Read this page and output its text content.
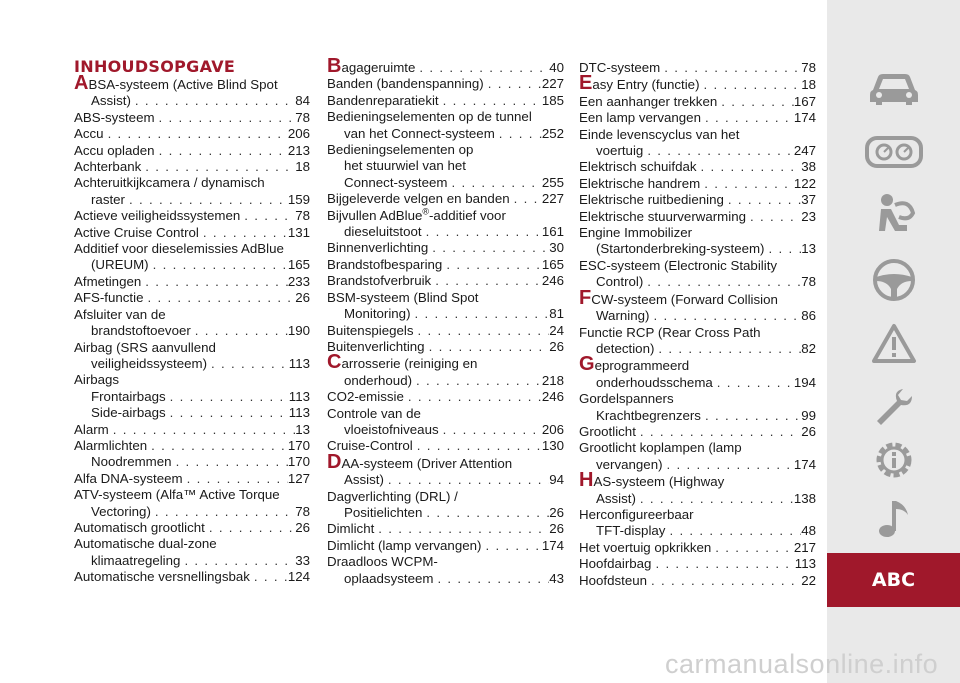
INHOUDSOPGAVE
ABSA-systeem (Active Blind Spot
Assist) . . .	84
ABS-systeem . . .	78
Accu . . .	206
Accu opladen . . .	213
Achterbank . . .	18
Achteruitkijkcamera / dynamisch
raster . . .	159
Actieve veiligheidssystemen . . .	78
Active Cruise Control . . .	131
Additief voor dieselemissies AdBlue
(UREUM) . . .	165
Afmetingen . . .	233
AFS-functie . . .	26
Afsluiter van de
brandstoftoevoer . . .	190
Airbag (SRS aanvullend
veiligheidssysteem) . . .	113
Airbags
Frontairbags . . .	113
Side-airbags . . .	113
Alarm . . .	13
Alarmlichten . . .	170
Noodremmen . . .	170
Alfa DNA-systeem . . .	127
ATV-systeem (Alfa™ Active Torque
Vectoring) . . .	78
Automatisch grootlicht . . .	26
Automatische dual-zone
klimaatregeling . . .	33
Automatische versnellingsbak . . .	124
Bagageruimte . . .	40
Banden (bandenspanning) . . .	227
Bandenreparatiekit . . .	185
Bedieningselementen op de tunnel
van het Connect-systeem . . .	252
Bedieningselementen op
het stuurwiel van het
Connect-systeem . . .	255
Bijgeleverde velgen en banden . . . 227
Bijvullen AdBlue®-additief voor
dieseluitstoot . . .	161
Binnenverlichting . . .	30
Brandstofbesparing . . .	165
Brandstofverbruik . . .	246
BSM-systeem (Blind Spot
Monitoring) . . .	81
Buitenspiegels . . .	24
Buitenverlichting . . .	26
Carrosserie (reiniging en
onderhoud) . . .	218
CO2-emissie . . .	246
Controle van de
vloeistofniveaus . . .	206
Cruise-Control . . .	130
DAA-systeem (Driver Attention
Assist) . . .	94
Dagverlichting (DRL) /
Positielichten . . .	26
Dimlicht . . .	26
Dimlicht (lamp vervangen) . . .	174
Draadloos WCPM-
oplaadsysteem . . .	43
DTC-systeem . . .	78
Easy Entry (functie) . . .	18
Een aanhanger trekken . . .	167
Een lamp vervangen . . .	174
Einde levenscyclus van het
voertuig . . .	247
Elektrisch schuifdak . . .	38
Elektrische handrem . . .	122
Elektrische ruitbediening . . .	37
Elektrische stuurverwarming . . .	23
Engine Immobilizer
(Startonderbreking-systeem) . . .	13
ESC-systeem (Electronic Stability
Control) . . .	78
FCW-systeem (Forward Collision
Warning) . . .	86
Functie RCP (Rear Cross Path
detection) . . .	82
Geprogrammeerd
onderhoudsschema . . .	194
Gordelspanners
Krachtbegrenzers . . .	99
Grootlicht . . .	26
Grootlicht koplampen (lamp
vervangen) . . .	174
HAS-systeem (Highway
Assist) . . .	138
Herconfigureerbaar
TFT-display . . .	48
Het voertuig opkrikken . . .	217
Hoofdairbag . . .	113
Hoofdsteun . . .	22	ABC
carmanualsonline.info
